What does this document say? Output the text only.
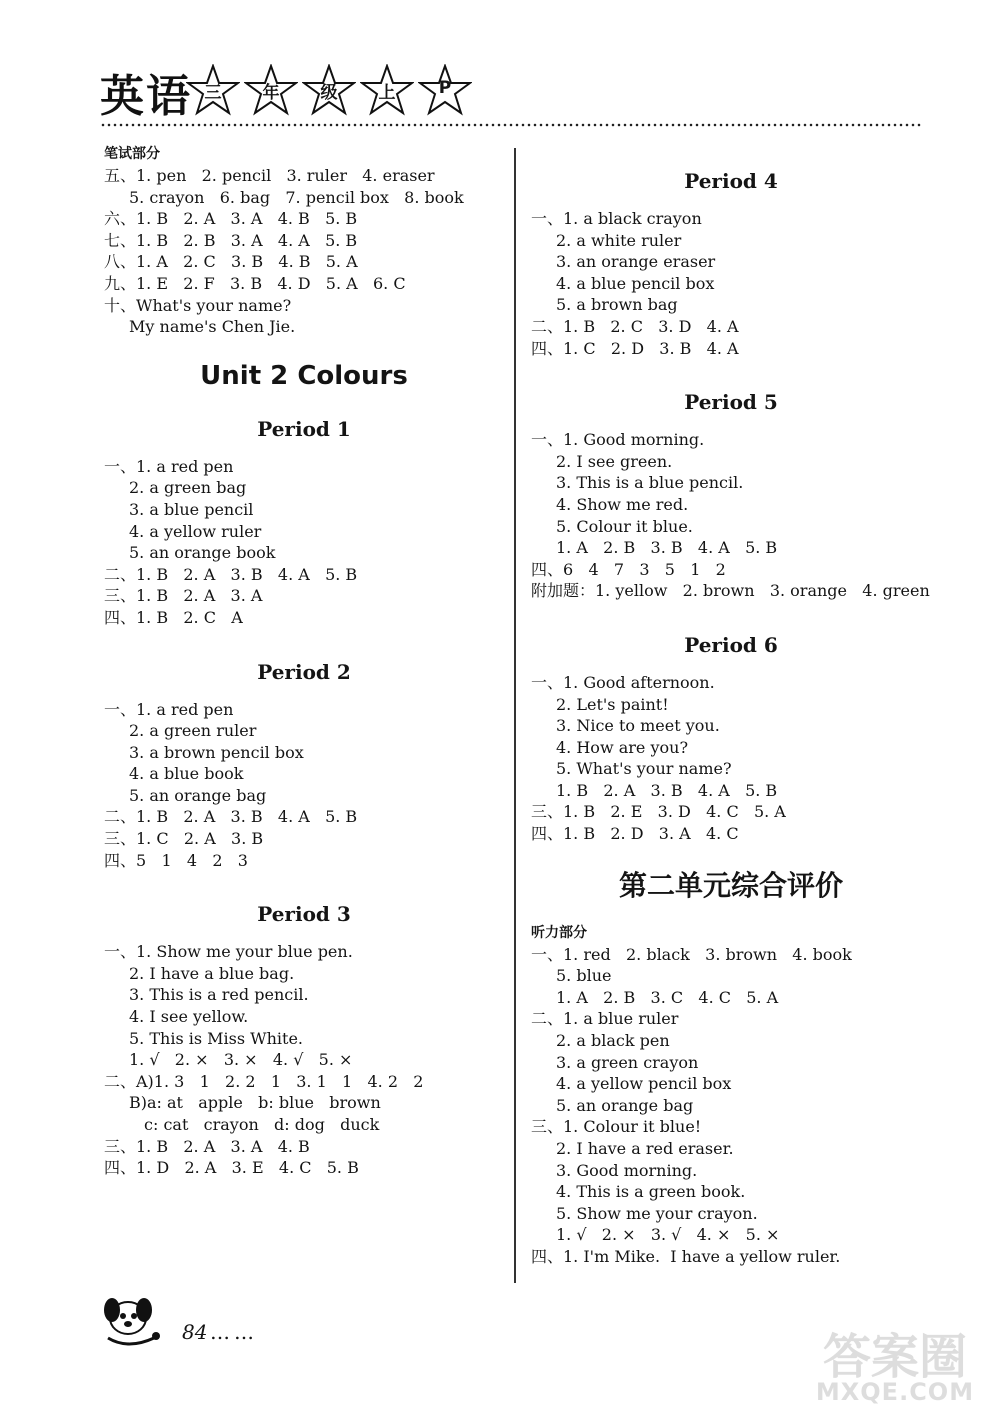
英语 三	年	级	上	P
笔试部分
五、1. pen   2. pencil   3. ruler   4. eraser
5. crayon   6. bag   7. pencil box   8. book
六、1. B   2. A   3. A   4. B   5. B
七、1. B   2. B   3. A   4. A   5. B
八、1. A   2. C   3. B   4. B   5. A
九、1. E   2. F   3. B   4. D   5. A   6. C
十、What's your name?
My name's Chen Jie.
Unit 2 Colours
Period 1
一、1. a red pen
2. a green bag
3. a blue pencil
4. a yellow ruler
5. an orange book
二、1. B   2. A   3. B   4. A   5. B
三、1. B   2. A   3. A
四、1. B   2. C   A
Period 2
一、1. a red pen
2. a green ruler
3. a brown pencil box
4. a blue book
5. an orange bag
二、1. B   2. A   3. B   4. A   5. B
三、1. C   2. A   3. B
四、5   1   4   2   3
Period 3
一、1. Show me your blue pen.
2. I have a blue bag.
3. This is a red pencil.
4. I see yellow.
5. This is Miss White.
1. √   2. ×   3. ×   4. √   5. ×
二、A)1. 3   1   2. 2   1   3. 1   1   4. 2   2
B)a: at   apple   b: blue   brown
c: cat   crayon   d: dog   duck
三、1. B   2. A   3. A   4. B
四、1. D   2. A   3. E   4. C   5. B
Period 4
一、1. a black crayon
2. a white ruler
3. an orange eraser
4. a blue pencil box
5. a brown bag
二、1. B   2. C   3. D   4. A
四、1. C   2. D   3. B   4. A
Period 5
一、1. Good morning.
2. I see green.
3. This is a blue pencil.
4. Show me red.
5. Colour it blue.
1. A   2. B   3. B   4. A   5. B
四、6   4   7   3   5   1   2
附加题：1. yellow   2. brown   3. orange   4. green
Period 6
一、1. Good afternoon.
2. Let's paint!
3. Nice to meet you.
4. How are you?
5. What's your name?
1. B   2. A   3. B   4. A   5. B
三、1. B   2. E   3. D   4. C   5. A
四、1. B   2. D   3. A   4. C
第二单元综合评价
听力部分
一、1. red   2. black   3. brown   4. book
5. blue
1. A   2. B   3. C   4. C   5. A
二、1. a blue ruler
2. a black pen
3. a green crayon
4. a yellow pencil box
5. an orange bag
三、1. Colour it blue!
2. I have a red eraser.
3. Good morning.
4. This is a green book.
5. Show me your crayon.
1. √   2. ×   3. √   4. ×   5. ×
四、1. I'm Mike.  I have a yellow ruler.
84 ……	答案圈
MXQE.COM
